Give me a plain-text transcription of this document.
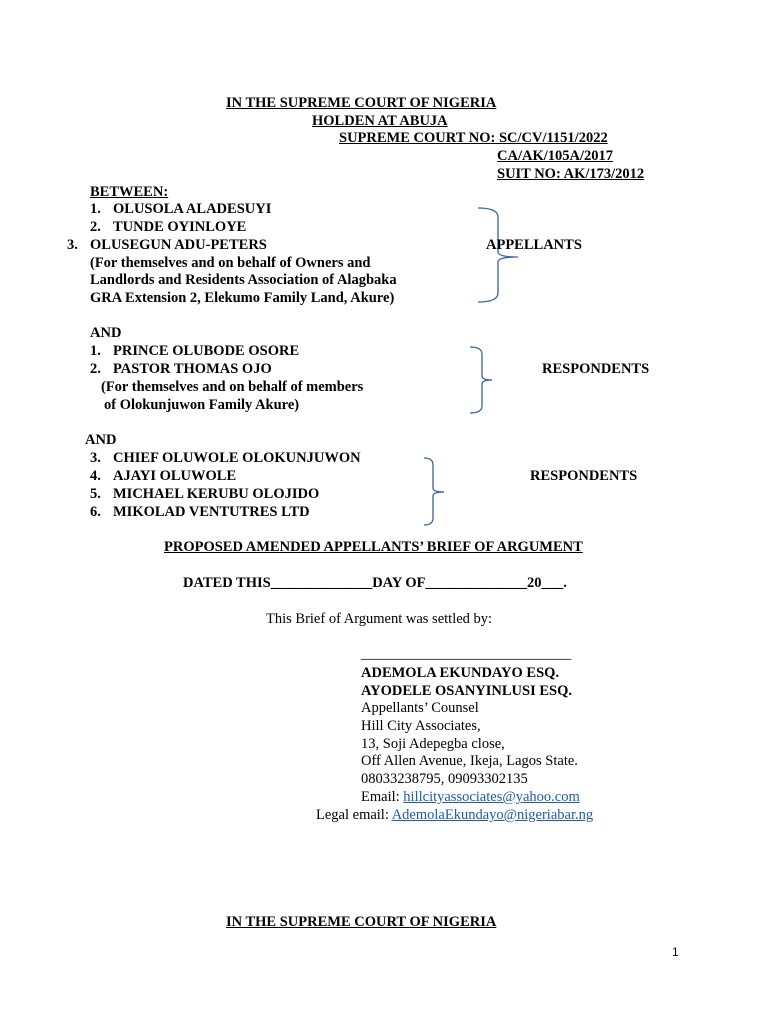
IN THE SUPREME COURT OF NIGERIA
HOLDEN AT ABUJA
SUPREME COURT NO: SC/CV/1151/2022
CA/AK/105A/2017
SUIT NO: AK/173/2012
BETWEEN:
1. OLUSOLA ALADESUYI
2. TUNDE OYINLOYE
3. OLUSEGUN ADU-PETERS
(For themselves and on behalf of Owners and
Landlords and Residents Association of Alagbaka
GRA Extension 2, Elekumo Family Land, Akure)
APPELLANTS
AND
1. PRINCE OLUBODE OSORE
2. PASTOR THOMAS OJO
(For themselves and on behalf of members
of Olokunjuwon Family Akure)
RESPONDENTS
AND
3. CHIEF OLUWOLE OLOKUNJUWON
4. AJAYI OLUWOLE
5. MICHAEL KERUBU OLOJIDO
6. MIKOLAD VENTUTRES LTD
RESPONDENTS
PROPOSED AMENDED APPELLANTS’ BRIEF OF ARGUMENT
DATED THIS______________DAY OF______________20___.
This Brief of Argument was settled by:
_____________________________
ADEMOLA EKUNDAYO ESQ.
AYODELE OSANYINLUSI ESQ.
Appellants’ Counsel
Hill City Associates,
13, Soji Adepegba close,
Off Allen Avenue, Ikeja, Lagos State.
08033238795, 09093302135
Email: hillcityassociates@yahoo.com
Legal email: AdemolaEkundayo@nigeriabar.ng
IN THE SUPREME COURT OF NIGERIA
1
